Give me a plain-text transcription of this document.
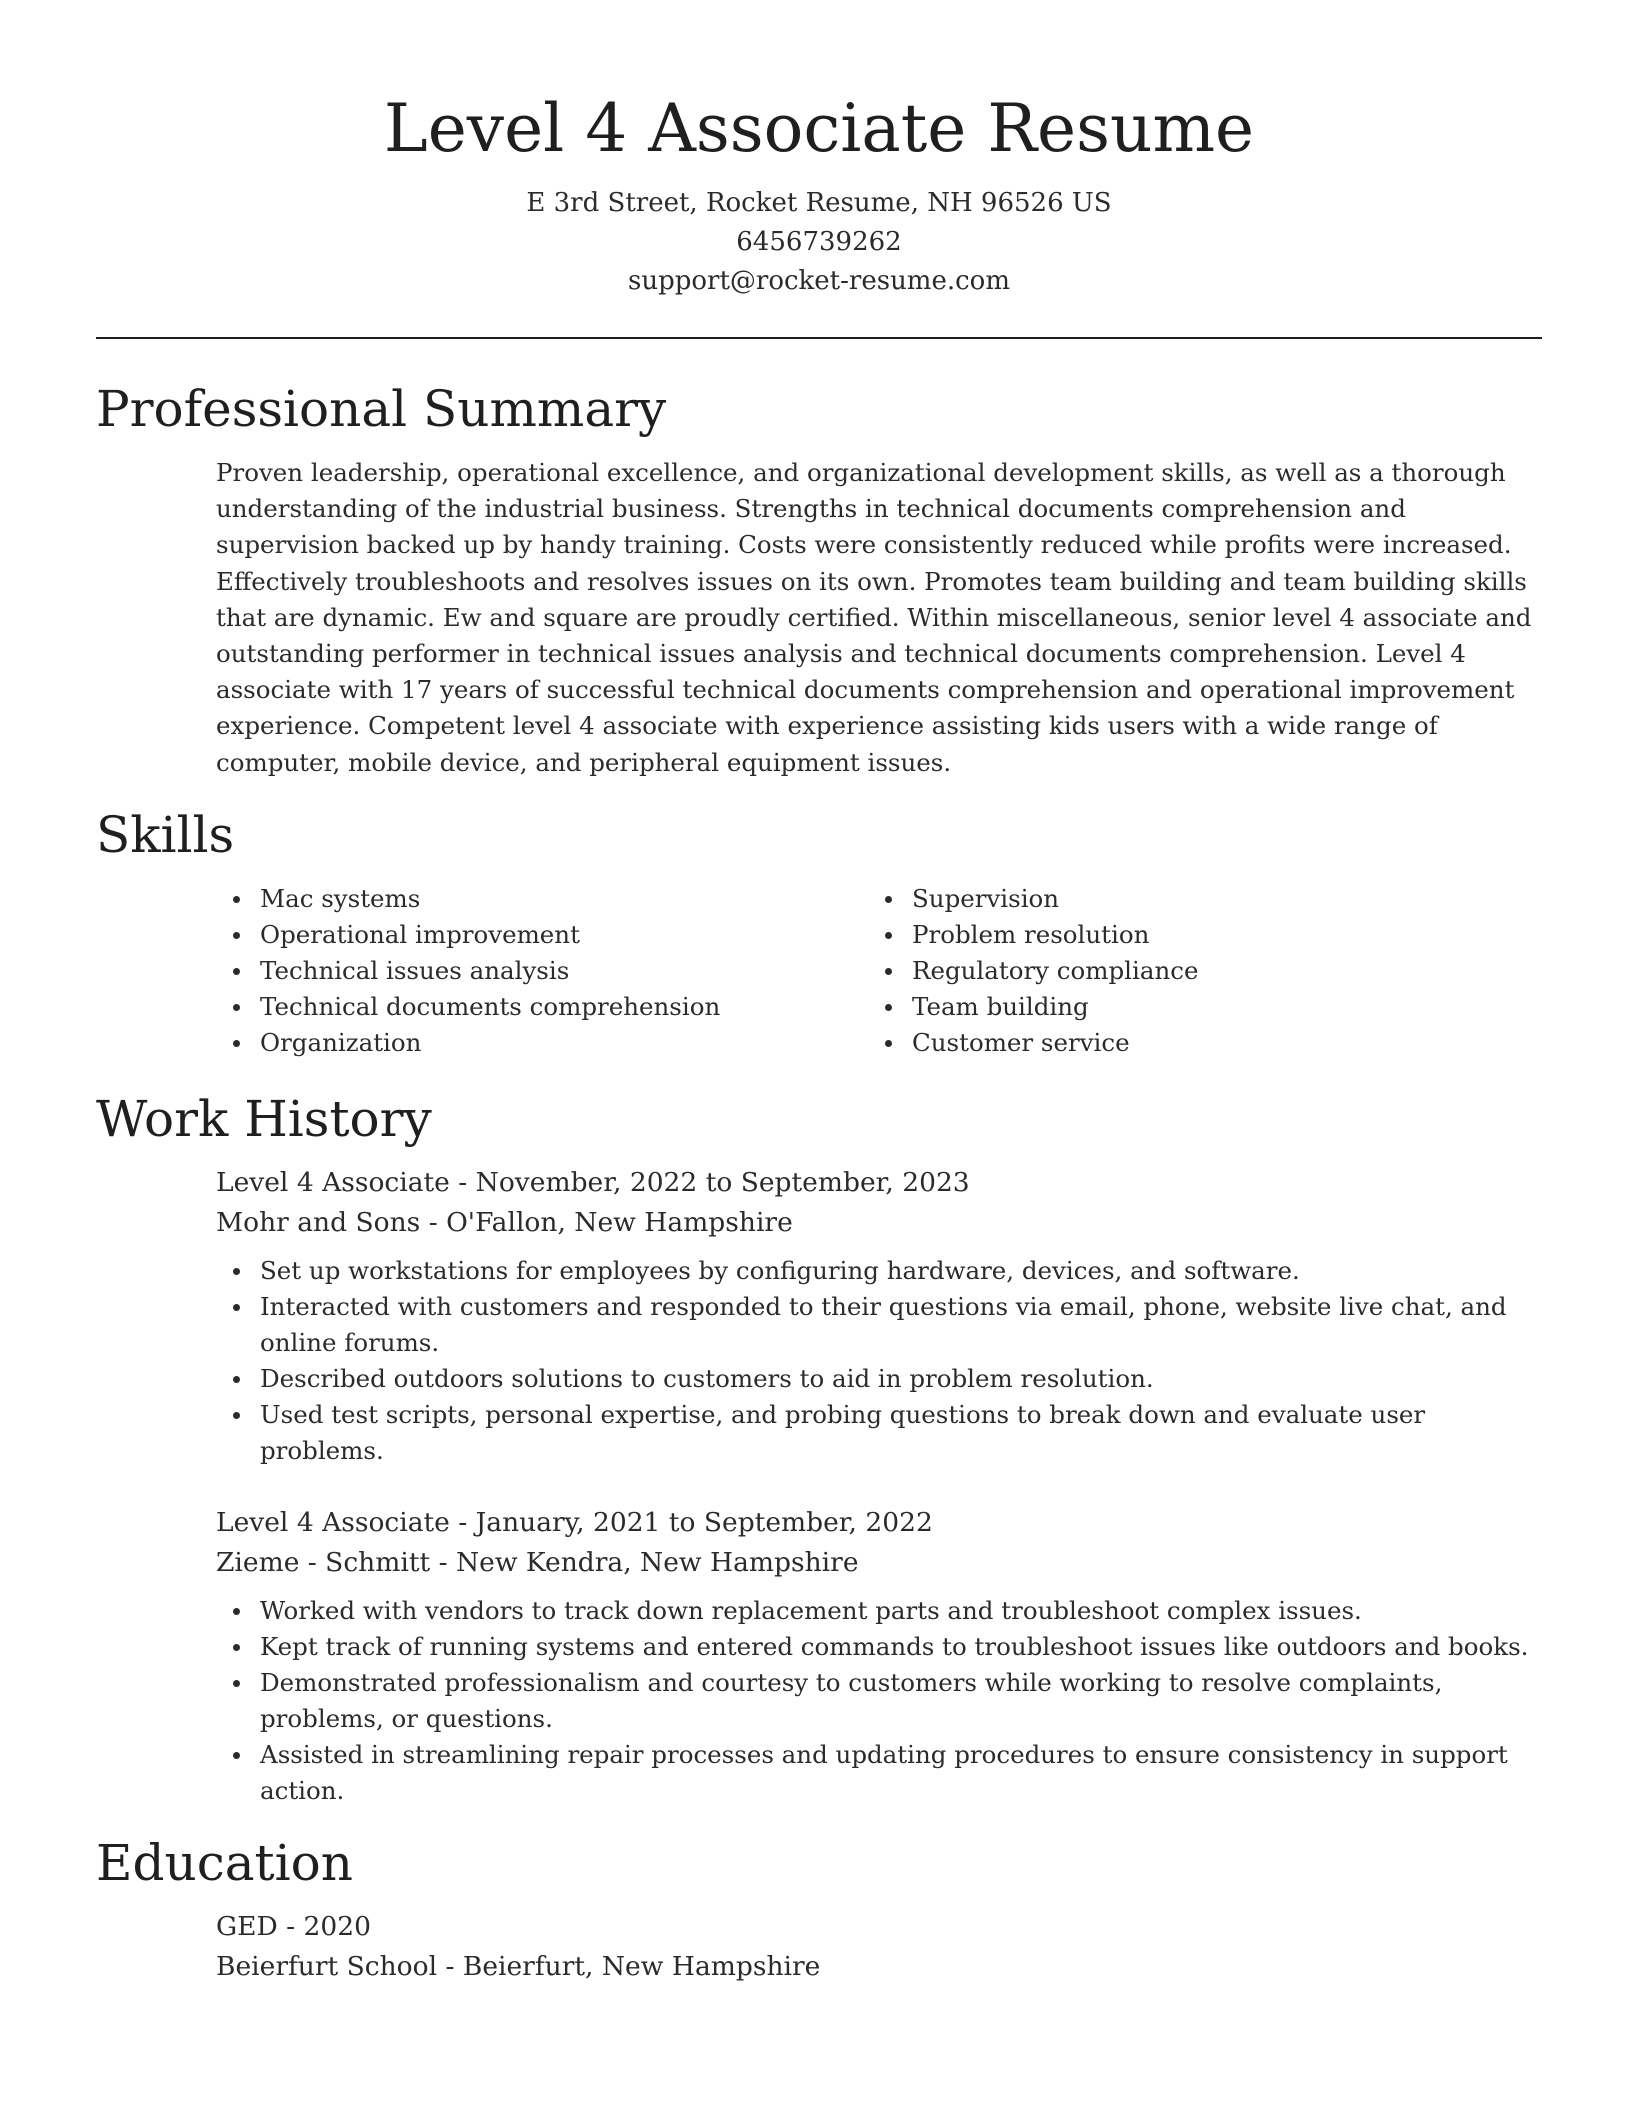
Level 4 Associate Resume
E 3rd Street, Rocket Resume, NH 96526 US
6456739262
support@rocket-resume.com
Professional Summary
Proven leadership, operational excellence, and organizational development skills, as well as a thorough understanding of the industrial business. Strengths in technical documents comprehension and supervision backed up by handy training. Costs were consistently reduced while profits were increased. Effectively troubleshoots and resolves issues on its own. Promotes team building and team building skills that are dynamic. Ew and square are proudly certified. Within miscellaneous, senior level 4 associate and outstanding performer in technical issues analysis and technical documents comprehension. Level 4 associate with 17 years of successful technical documents comprehension and operational improvement experience. Competent level 4 associate with experience assisting kids users with a wide range of computer, mobile device, and peripheral equipment issues.
Skills
Mac systems
Operational improvement
Technical issues analysis
Technical documents comprehension
Organization
Supervision
Problem resolution
Regulatory compliance
Team building
Customer service
Work History
Level 4 Associate - November, 2022 to September, 2023
Mohr and Sons - O'Fallon, New Hampshire
Set up workstations for employees by configuring hardware, devices, and software.
Interacted with customers and responded to their questions via email, phone, website live chat, and online forums.
Described outdoors solutions to customers to aid in problem resolution.
Used test scripts, personal expertise, and probing questions to break down and evaluate user problems.
Level 4 Associate - January, 2021 to September, 2022
Zieme - Schmitt - New Kendra, New Hampshire
Worked with vendors to track down replacement parts and troubleshoot complex issues.
Kept track of running systems and entered commands to troubleshoot issues like outdoors and books.
Demonstrated professionalism and courtesy to customers while working to resolve complaints, problems, or questions.
Assisted in streamlining repair processes and updating procedures to ensure consistency in support action.
Education
GED - 2020
Beierfurt School - Beierfurt, New Hampshire
